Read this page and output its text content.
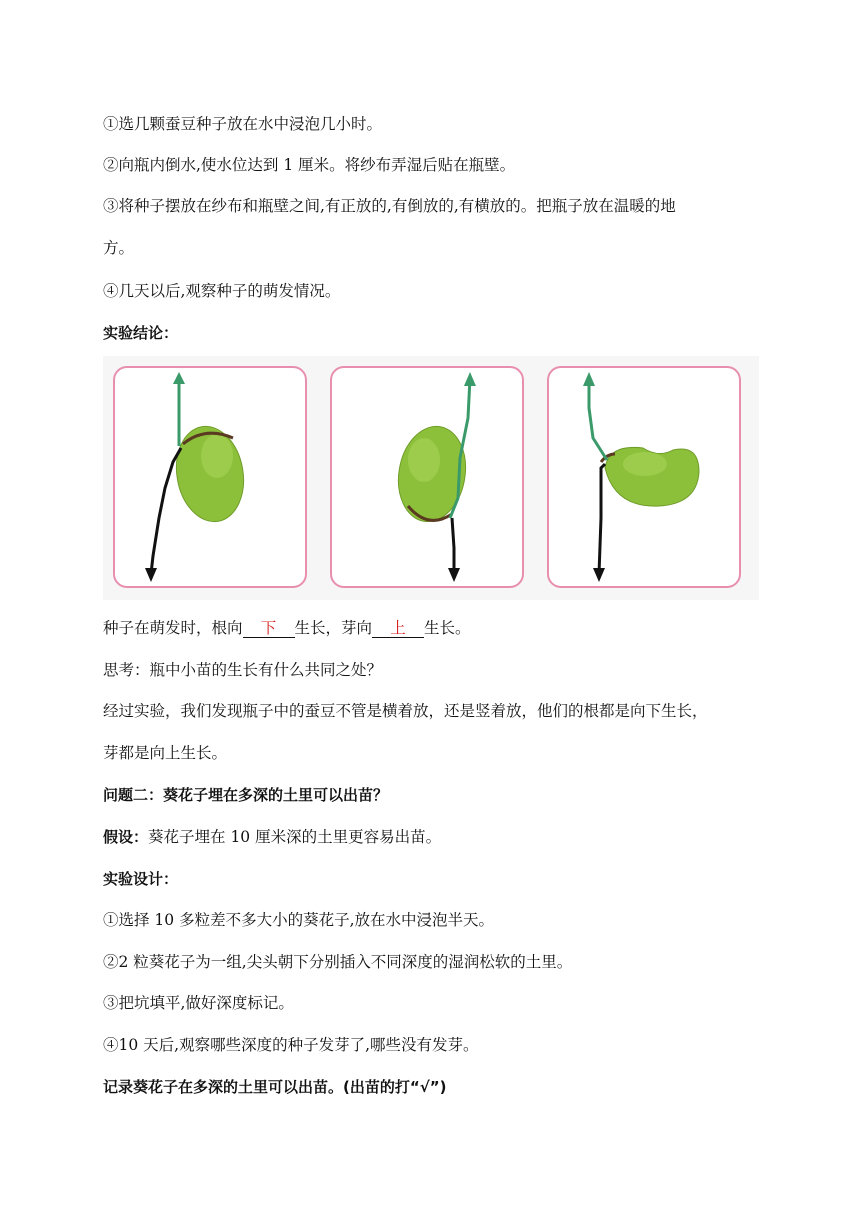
①选几颗蚕豆种子放在水中浸泡几小时。
②向瓶内倒水,使水位达到 1 厘米。将纱布弄湿后贴在瓶壁。
③将种子摆放在纱布和瓶壁之间,有正放的,有倒放的,有横放的。把瓶子放在温暖的地
方。
④几天以后,观察种子的萌发情况。
实验结论：
种子在萌发时，根向 下 生长，芽向 上 生长。
思考：瓶中小苗的生长有什么共同之处？
经过实验，我们发现瓶子中的蚕豆不管是横着放，还是竖着放，他们的根都是向下生长，
芽都是向上生长。
问题二：葵花子埋在多深的土里可以出苗？
假设：葵花子埋在 10 厘米深的土里更容易出苗。
实验设计：
①选择 10 多粒差不多大小的葵花子,放在水中浸泡半天。
②2 粒葵花子为一组,尖头朝下分别插入不同深度的湿润松软的土里。
③把坑填平,做好深度标记。
④10 天后,观察哪些深度的种子发芽了,哪些没有发芽。
记录葵花子在多深的土里可以出苗。(出苗的打“√”)
